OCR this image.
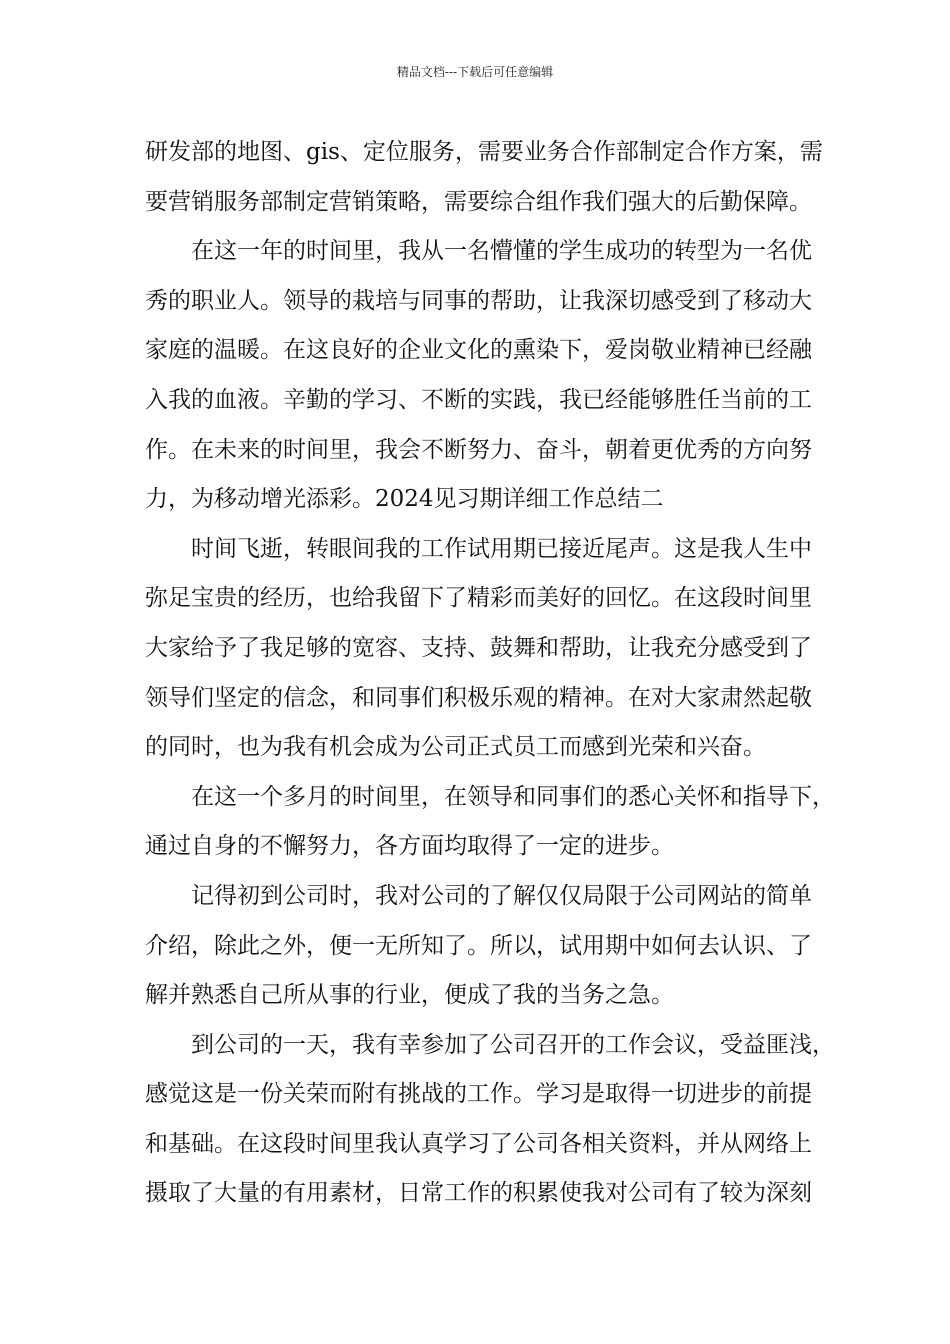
精品文档---下载后可任意编辑
研发部的地图、gis、定位服务，需要业务合作部制定合作方案，需
要营销服务部制定营销策略，需要综合组作我们强大的后勤保障。
在这一年的时间里，我从一名懵懂的学生成功的转型为一名优
秀的职业人。领导的栽培与同事的帮助，让我深切感受到了移动大
家庭的温暖。在这良好的企业文化的熏染下，爱岗敬业精神已经融
入我的血液。辛勤的学习、不断的实践，我已经能够胜任当前的工
作。在未来的时间里，我会不断努力、奋斗，朝着更优秀的方向努
力，为移动增光添彩。2024见习期详细工作总结二
时间飞逝，转眼间我的工作试用期已接近尾声。这是我人生中
弥足宝贵的经历，也给我留下了精彩而美好的回忆。在这段时间里
大家给予了我足够的宽容、支持、鼓舞和帮助，让我充分感受到了
领导们坚定的信念，和同事们积极乐观的精神。在对大家肃然起敬
的同时，也为我有机会成为公司正式员工而感到光荣和兴奋。
在这一个多月的时间里，在领导和同事们的悉心关怀和指导下，
通过自身的不懈努力，各方面均取得了一定的进步。
记得初到公司时，我对公司的了解仅仅局限于公司网站的简单
介绍，除此之外，便一无所知了。所以，试用期中如何去认识、了
解并熟悉自己所从事的行业，便成了我的当务之急。
到公司的一天，我有幸参加了公司召开的工作会议，受益匪浅，
感觉这是一份关荣而附有挑战的工作。学习是取得一切进步的前提
和基础。在这段时间里我认真学习了公司各相关资料，并从网络上
摄取了大量的有用素材，日常工作的积累使我对公司有了较为深刻
